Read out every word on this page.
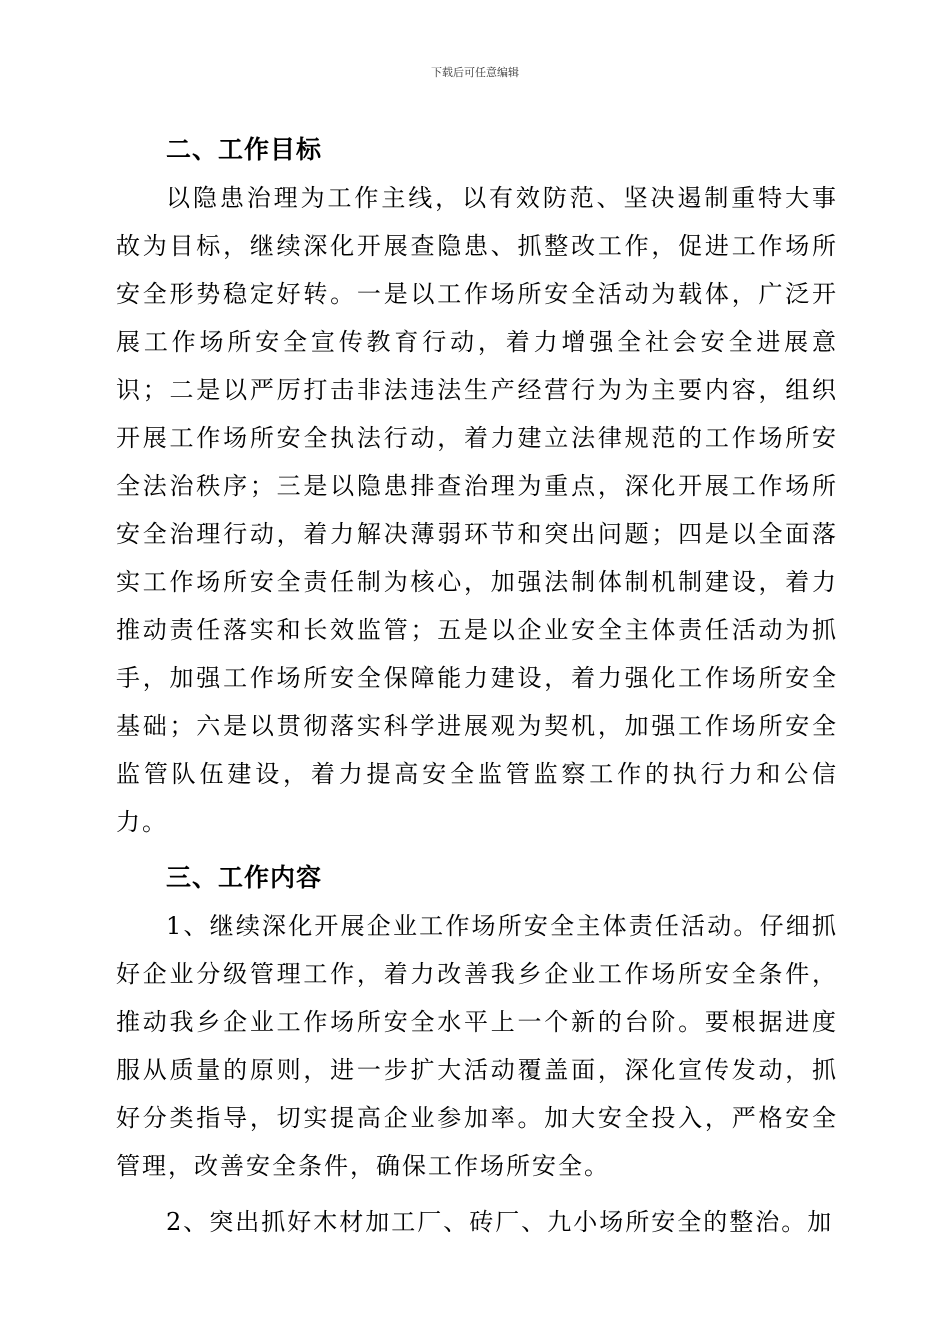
下载后可任意编辑
二、工作目标

以隐患治理为工作主线，以有效防范、坚决遏制重特大事故为目标，继续深化开展查隐患、抓整改工作，促进工作场所安全形势稳定好转。一是以工作场所安全活动为载体，广泛开展工作场所安全宣传教育行动，着力增强全社会安全进展意识；二是以严厉打击非法违法生产经营行为为主要内容，组织开展工作场所安全执法行动，着力建立法律规范的工作场所安全法治秩序；三是以隐患排查治理为重点，深化开展工作场所安全治理行动，着力解决薄弱环节和突出问题；四是以全面落实工作场所安全责任制为核心，加强法制体制机制建设，着力推动责任落实和长效监管；五是以企业安全主体责任活动为抓手，加强工作场所安全保障能力建设，着力强化工作场所安全基础；六是以贯彻落实科学进展观为契机，加强工作场所安全监管队伍建设，着力提高安全监管监察工作的执行力和公信力。

三、工作内容

1、继续深化开展企业工作场所安全主体责任活动。仔细抓好企业分级管理工作，着力改善我乡企业工作场所安全条件，推动我乡企业工作场所安全水平上一个新的台阶。要根据进度服从质量的原则，进一步扩大活动覆盖面，深化宣传发动，抓好分类指导，切实提高企业参加率。加大安全投入，严格安全管理，改善安全条件，确保工作场所安全。

2、突出抓好木材加工厂、砖厂、九小场所安全的整治。加
